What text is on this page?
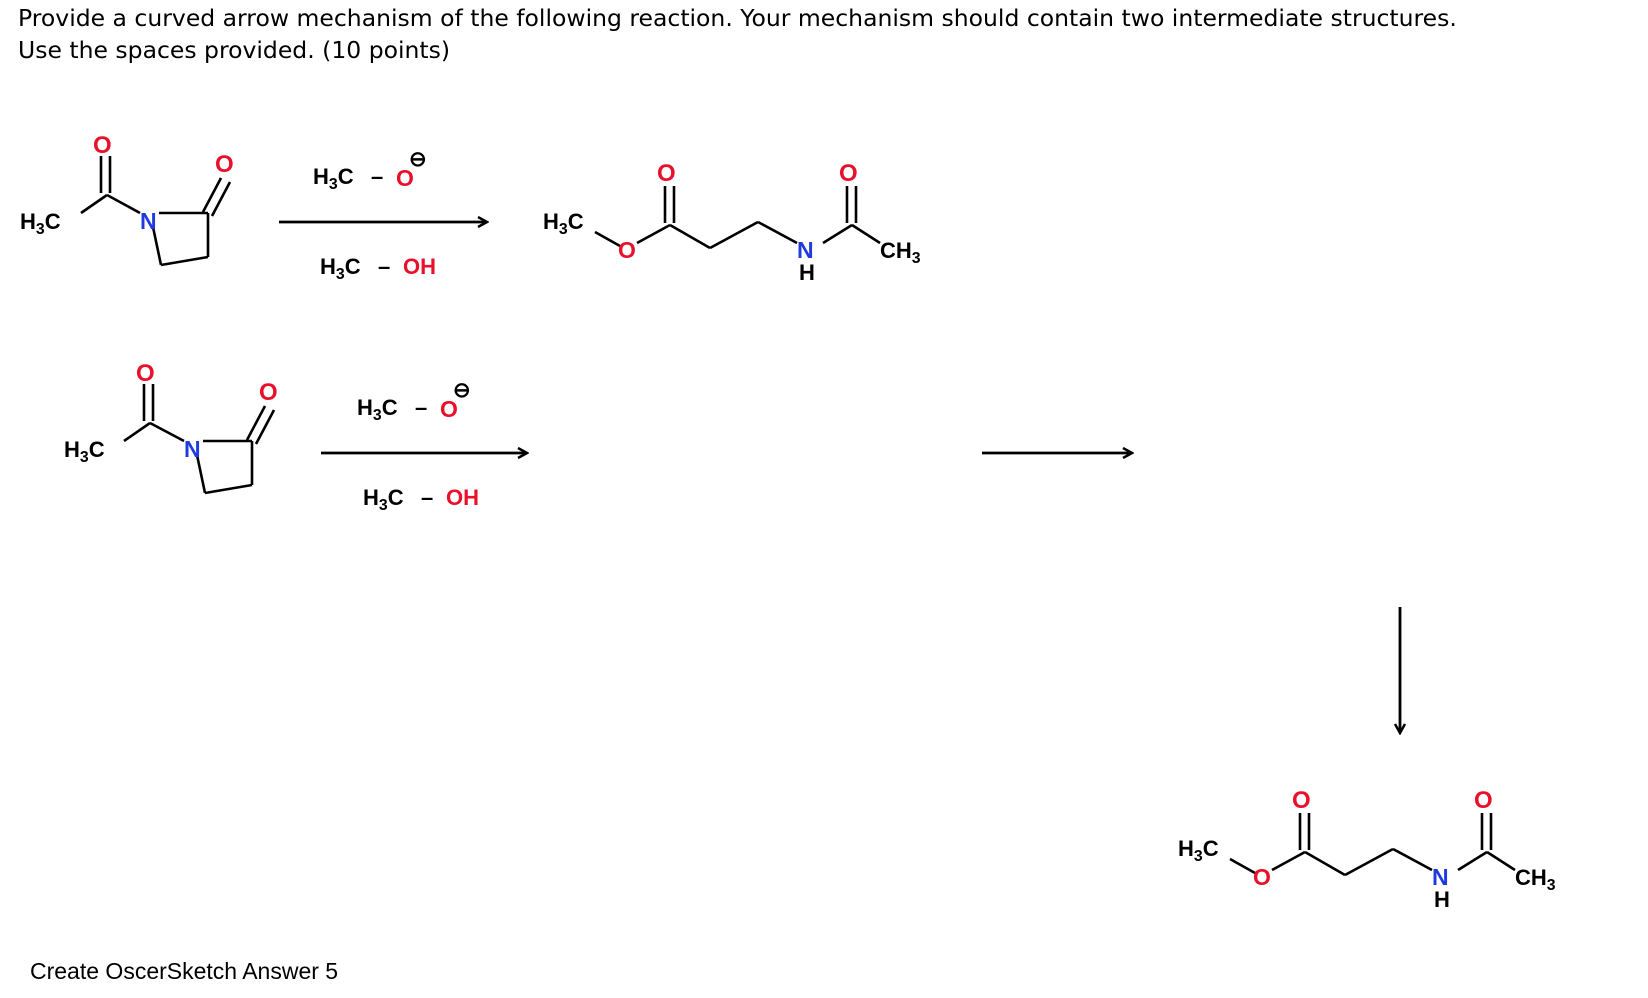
Provide a curved arrow mechanism of the following reaction. Your mechanism should contain two intermediate structures.
Use the spaces provided. (10 points)
$H_3C$
O
N
O	$H_3C$ – O
⊖
$H_3C$ – OH
$H_3C$
O
O
N
H
O
$CH_3$
$H_3C$
O
N
O
$H_3C$ – O
⊖
$H_3C$ – OH
$H_3C$
O
O
N
H
O
$CH_3$
Create OscerSketch Answer 5
